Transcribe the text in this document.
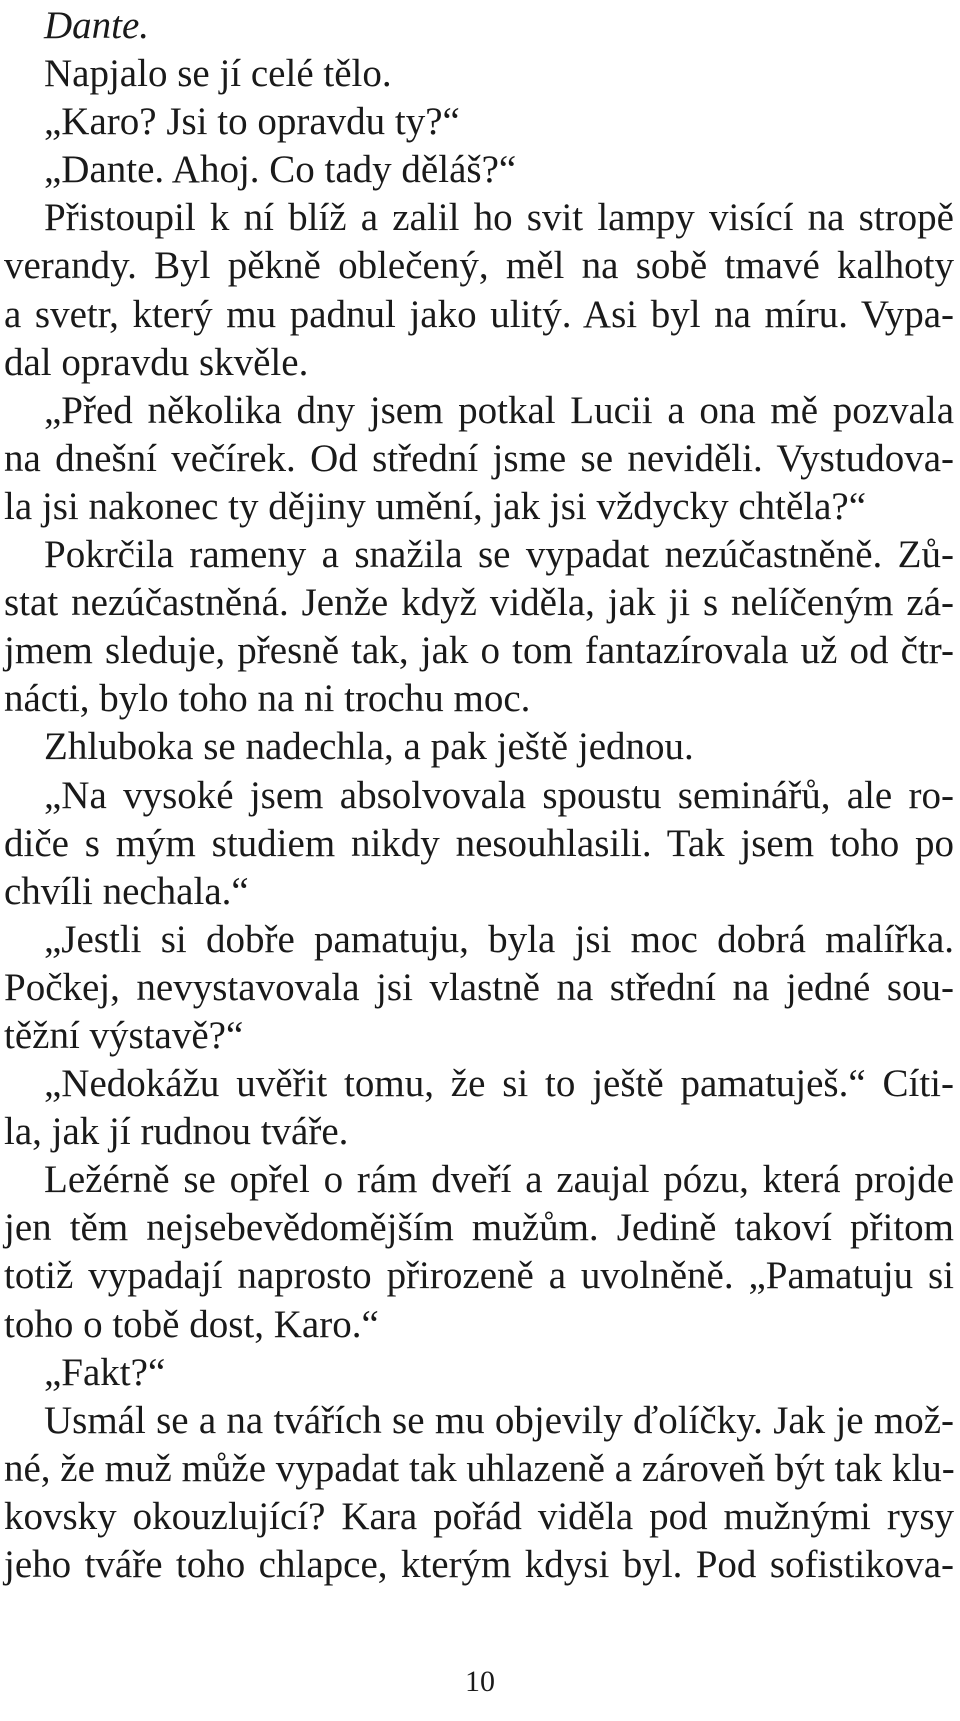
Dante.
Napjalo se jí celé tělo.
„Karo? Jsi to opravdu ty?“
„Dante. Ahoj. Co tady děláš?“
Přistoupil k ní blíž a zalil ho svit lampy visící na stropě
verandy. Byl pěkně oblečený, měl na sobě tmavé kalhoty
a svetr, který mu padnul jako ulitý. Asi byl na míru. Vypa-
dal opravdu skvěle.
„Před několika dny jsem potkal Lucii a ona mě pozvala
na dnešní večírek. Od střední jsme se neviděli. Vystudova-
la jsi nakonec ty dějiny umění, jak jsi vždycky chtěla?“
Pokrčila rameny a snažila se vypadat nezúčastněně. Zů-
stat nezúčastněná. Jenže když viděla, jak ji s nelíčeným zá-
jmem sleduje, přesně tak, jak o tom fantazírovala už od čtr-
nácti, bylo toho na ni trochu moc.
Zhluboka se nadechla, a pak ještě jednou.
„Na vysoké jsem absolvovala spoustu seminářů, ale ro-
diče s mým studiem nikdy nesouhlasili. Tak jsem toho po
chvíli nechala.“
„Jestli si dobře pamatuju, byla jsi moc dobrá malířka.
Počkej, nevystavovala jsi vlastně na střední na jedné sou-
těžní výstavě?“
„Nedokážu uvěřit tomu, že si to ještě pamatuješ.“ Cíti-
la, jak jí rudnou tváře.
Ležérně se opřel o rám dveří a zaujal pózu, která projde
jen těm nejsebevědomějším mužům. Jedině takoví přitom
totiž vypadají naprosto přirozeně a uvolněně. „Pamatuju si
toho o tobě dost, Karo.“
„Fakt?“
Usmál se a na tvářích se mu objevily ďolíčky. Jak je mož-
né, že muž může vypadat tak uhlazeně a zároveň být tak klu-
kovsky okouzlující? Kara pořád viděla pod mužnými rysy
jeho tváře toho chlapce, kterým kdysi byl. Pod sofistikova-
10
